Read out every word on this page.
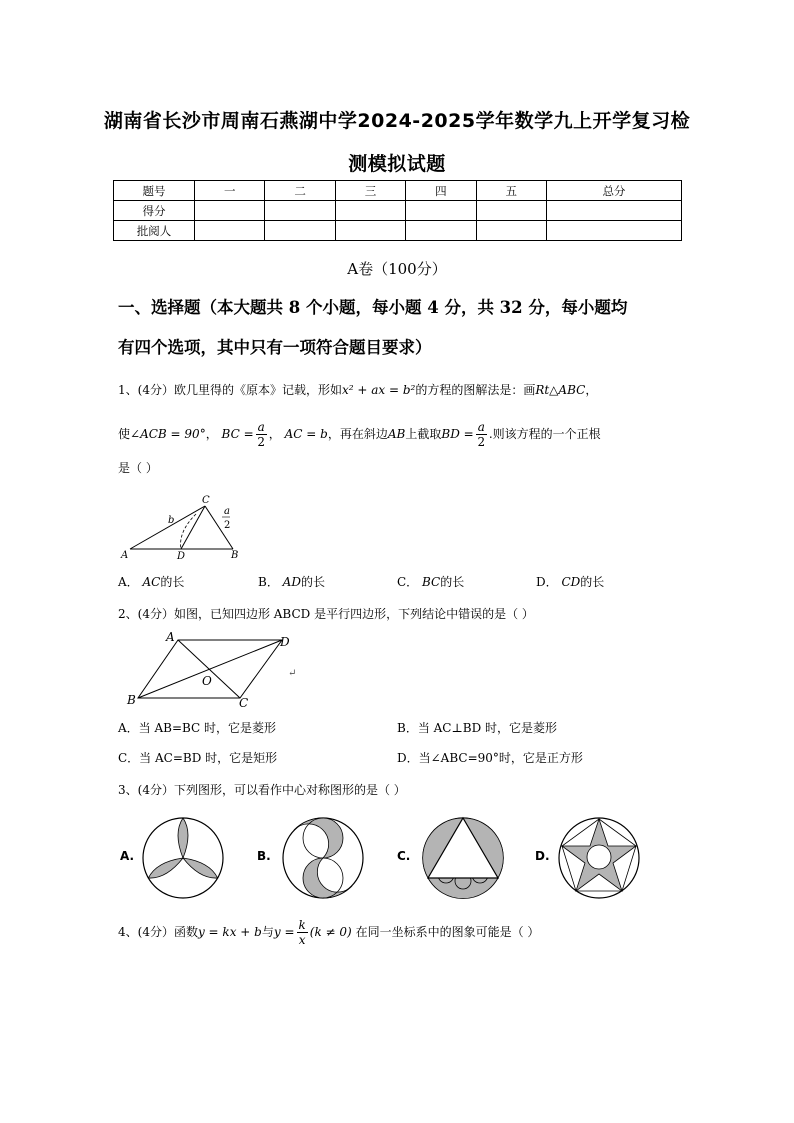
湖南省长沙市周南石燕湖中学2024-2025学年数学九上开学复习检
测模拟试题
题号	一	二	三	四	五	总分
得分						
批阅人						
A卷（100分）
一、选择题（本大题共 8 个小题，每小题 4 分，共 32 分，每小题均
有四个选项，其中只有一项符合题目要求）
1、(4分）欧几里得的《原本》记载，形如x² + ax = b²的方程的图解法是：画Rt△ABC，
使∠ACB = 90°， BC = $\frac{a}{2}$ ， AC = b，再在斜边AB上截取BD = $\frac{a}{2}$ .则该方程的一个正根
是（ ）
A	B
C
D
b
a
2
A． AC的长	B． AD的长	C． BC的长	D． CD的长
2、(4分）如图，已知四边形 ABCD 是平行四边形，下列结论中错误的是（ ）
A	D
B	C
O
↵
A．当 AB=BC 时，它是菱形	B．当 AC⊥BD 时，它是菱形
C．当 AC=BD 时，它是矩形	D．当∠ABC=90°时，它是正方形
3、(4分）下列图形，可以看作中心对称图形的是（ ）
A.	B.	C.	D.
4、(4分）函数y = kx + b与$y = \frac{k}{x} (k \ne 0)$ 在同一坐标系中的图象可能是（ ）
